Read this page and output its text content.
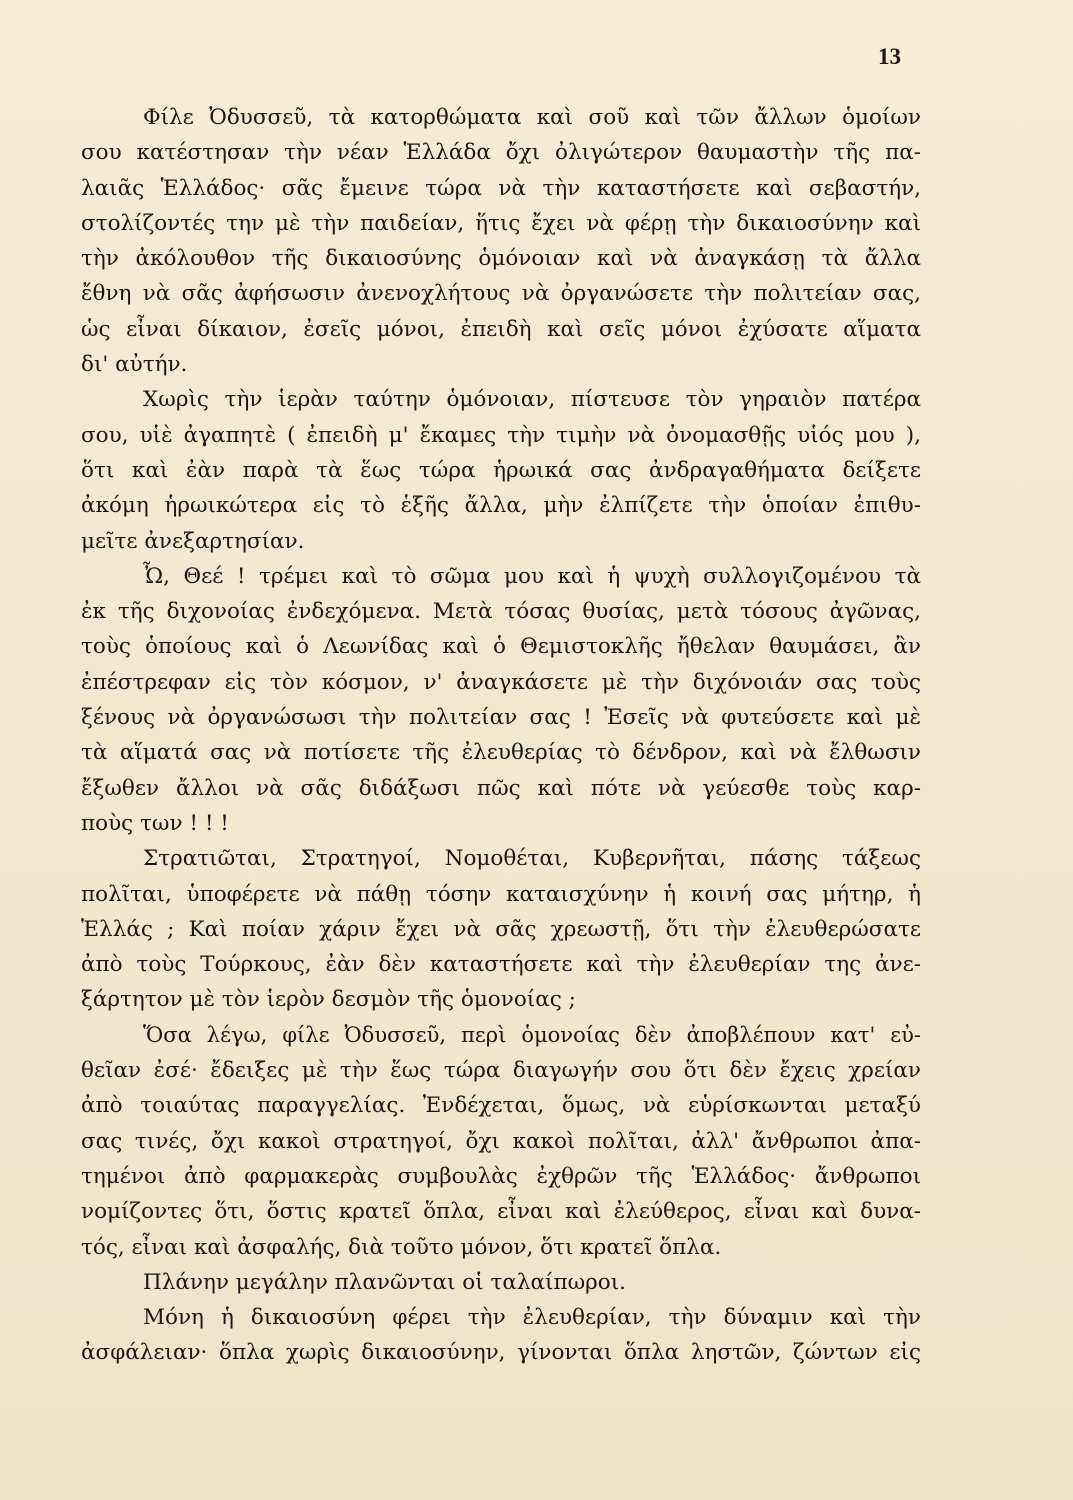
13
Φίλε Ὀδυσσεῦ, τὰ κατορθώματα καὶ σοῦ καὶ τῶν ἄλλων ὁμοίων
σου κατέστησαν τὴν νέαν Ἑλλάδα ὄχι ὀλιγώτερον θαυμαστὴν τῆς πα-
λαιᾶς Ἑλλάδος· σᾶς ἔμεινε τώρα νὰ τὴν καταστήσετε καὶ σεβαστήν,
στολίζοντές την μὲ τὴν παιδείαν, ἥτις ἔχει νὰ φέρῃ τὴν δικαιοσύνην καὶ
τὴν ἀκόλουθον τῆς δικαιοσύνης ὁμόνοιαν καὶ νὰ ἀναγκάσῃ τὰ ἄλλα
ἔθνη νὰ σᾶς ἀφήσωσιν ἀνενοχλήτους νὰ ὀργανώσετε τὴν πολιτείαν σας,
ὡς εἶναι δίκαιον, ἐσεῖς μόνοι, ἐπειδὴ καὶ σεῖς μόνοι ἐχύσατε αἵματα
δι' αὐτήν.
Χωρὶς τὴν ἱερὰν ταύτην ὁμόνοιαν, πίστευσε τὸν γηραιὸν πατέρα
σου, υἱὲ ἀγαπητὲ ( ἐπειδὴ μ' ἔκαμες τὴν τιμὴν νὰ ὀνομασθῇς υἱός μου ),
ὅτι καὶ ἐὰν παρὰ τὰ ἕως τώρα ἡρωικά σας ἀνδραγαθήματα δείξετε
ἀκόμη ἡρωικώτερα εἰς τὸ ἑξῆς ἄλλα, μὴν ἐλπίζετε τὴν ὁποίαν ἐπιθυ-
μεῖτε ἀνεξαρτησίαν.
Ὦ, Θεέ ! τρέμει καὶ τὸ σῶμα μου καὶ ἡ ψυχὴ συλλογιζομένου τὰ
ἐκ τῆς διχονοίας ἐνδεχόμενα. Μετὰ τόσας θυσίας, μετὰ τόσους ἀγῶνας,
τοὺς ὁποίους καὶ ὁ Λεωνίδας καὶ ὁ Θεμιστοκλῆς ἤθελαν θαυμάσει, ἂν
ἐπέστρεφαν εἰς τὸν κόσμον, ν' ἀναγκάσετε μὲ τὴν διχόνοιάν σας τοὺς
ξένους νὰ ὀργανώσωσι τὴν πολιτείαν σας ! Ἐσεῖς νὰ φυτεύσετε καὶ μὲ
τὰ αἵματά σας νὰ ποτίσετε τῆς ἐλευθερίας τὸ δένδρον, καὶ νὰ ἔλθωσιν
ἔξωθεν ἄλλοι νὰ σᾶς διδάξωσι πῶς καὶ πότε νὰ γεύεσθε τοὺς καρ-
ποὺς των ! ! !
Στρατιῶται, Στρατηγοί, Νομοθέται, Κυβερνῆται, πάσης τάξεως
πολῖται, ὑποφέρετε νὰ πάθῃ τόσην καταισχύνην ἡ κοινή σας μήτηρ, ἡ
Ἑλλάς ; Καὶ ποίαν χάριν ἔχει νὰ σᾶς χρεωστῇ, ὅτι τὴν ἐλευθερώσατε
ἀπὸ τοὺς Τούρκους, ἐὰν δὲν καταστήσετε καὶ τὴν ἐλευθερίαν της ἀνε-
ξάρτητον μὲ τὸν ἱερὸν δεσμὸν τῆς ὁμονοίας ;
Ὅσα λέγω, φίλε Ὀδυσσεῦ, περὶ ὁμονοίας δὲν ἀποβλέπουν κατ' εὐ-
θεῖαν ἐσέ· ἔδειξες μὲ τὴν ἕως τώρα διαγωγήν σου ὅτι δὲν ἔχεις χρείαν
ἀπὸ τοιαύτας παραγγελίας. Ἐνδέχεται, ὅμως, νὰ εὑρίσκωνται μεταξύ
σας τινές, ὄχι κακοὶ στρατηγοί, ὄχι κακοὶ πολῖται, ἀλλ' ἄνθρωποι ἀπα-
τημένοι ἀπὸ φαρμακερὰς συμβουλὰς ἐχθρῶν τῆς Ἑλλάδος· ἄνθρωποι
νομίζοντες ὅτι, ὅστις κρατεῖ ὅπλα, εἶναι καὶ ἐλεύθερος, εἶναι καὶ δυνα-
τός, εἶναι καὶ ἀσφαλής, διὰ τοῦτο μόνον, ὅτι κρατεῖ ὅπλα.
Πλάνην μεγάλην πλανῶνται οἱ ταλαίπωροι.
Μόνη ἡ δικαιοσύνη φέρει τὴν ἐλευθερίαν, τὴν δύναμιν καὶ τὴν
ἀσφάλειαν· ὅπλα χωρὶς δικαιοσύνην, γίνονται ὅπλα ληστῶν, ζώντων εἰς
